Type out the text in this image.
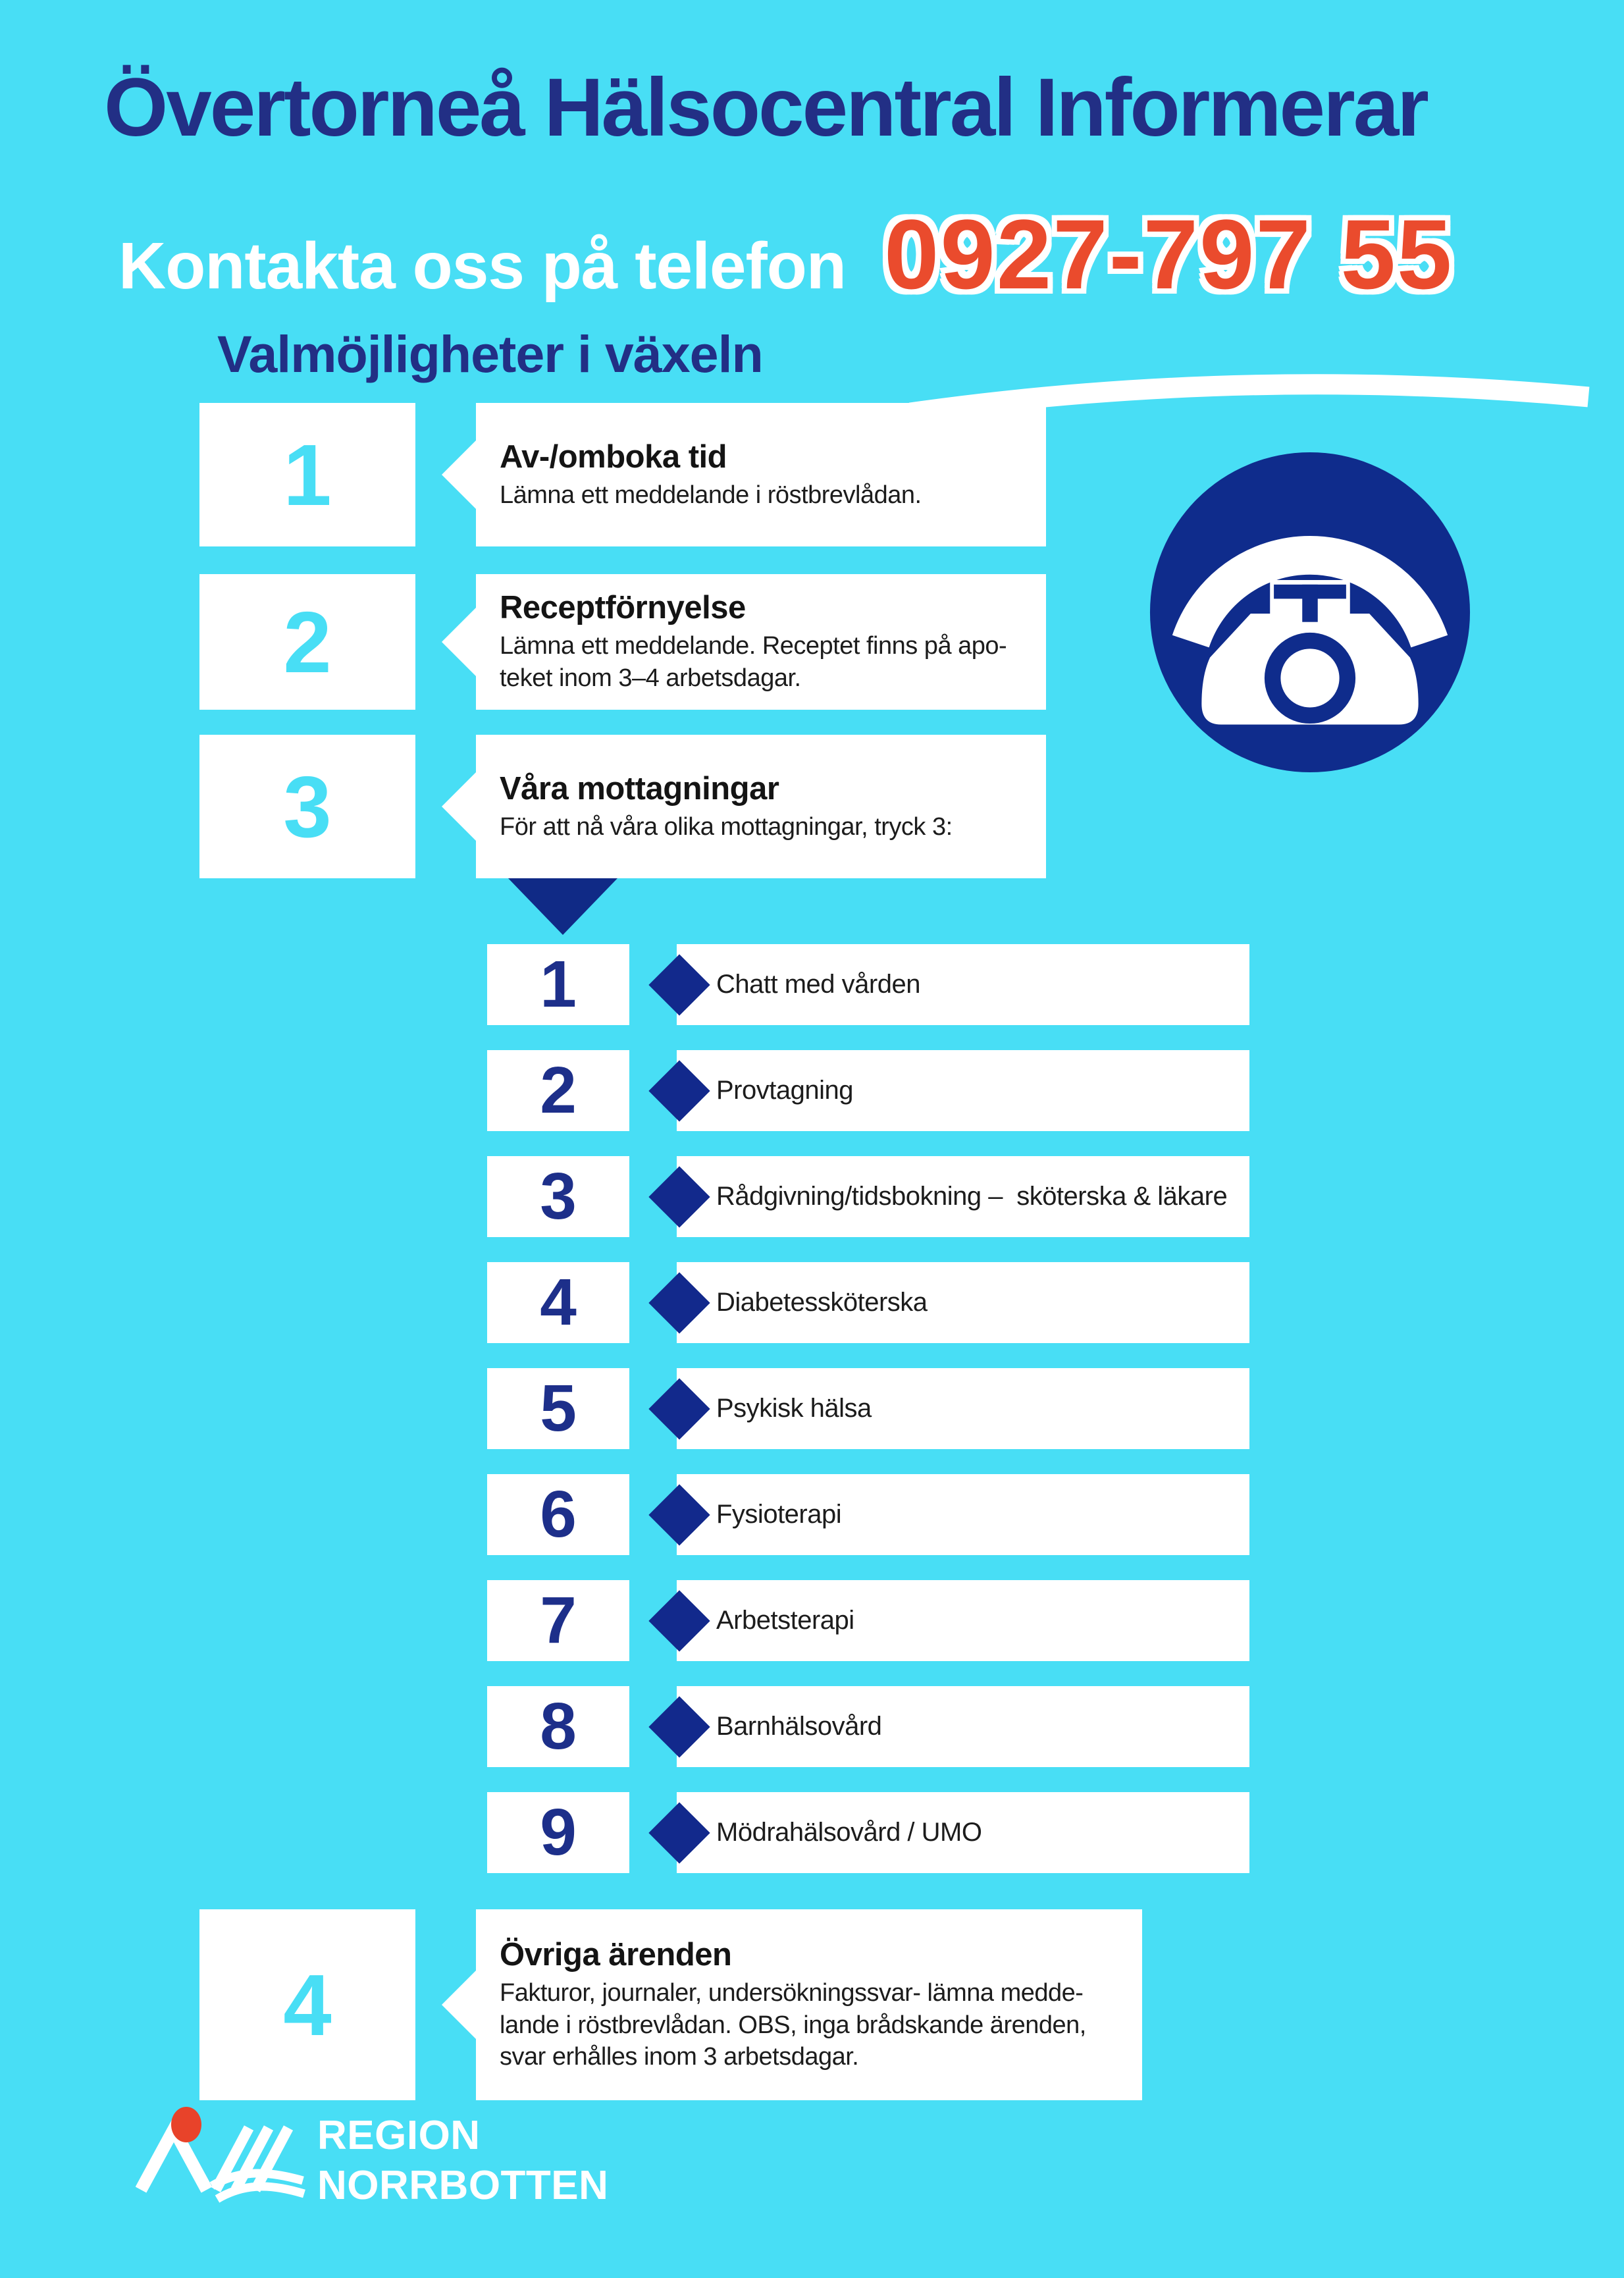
Övertorneå Hälsocentral Informerar
Kontakta oss på telefon 0927-797 55
Valmöjligheter i växeln
1	Av-/omboka tid
Lämna ett meddelande i röstbrevlådan.
2	Receptförnyelse
Lämna ett meddelande. Receptet finns på apo-
teket inom 3–4 arbetsdagar.
3	Våra mottagningar
För att nå våra olika mottagningar, tryck 3:
1	Chatt med vården
2	Provtagning
3	Rådgivning/tidsbokning –  sköterska & läkare
4	Diabetessköterska
5	Psykisk hälsa
6	Fysioterapi
7	Arbetsterapi
8	Barnhälsovård
9	Mödrahälsovård / UMO
4
Övriga ärenden
Fakturor, journaler, undersökningssvar- lämna medde-
lande i röstbrevlådan. OBS, inga brådskande ärenden,
svar erhålles inom 3 arbetsdagar.
REGION
NORRBOTTEN
